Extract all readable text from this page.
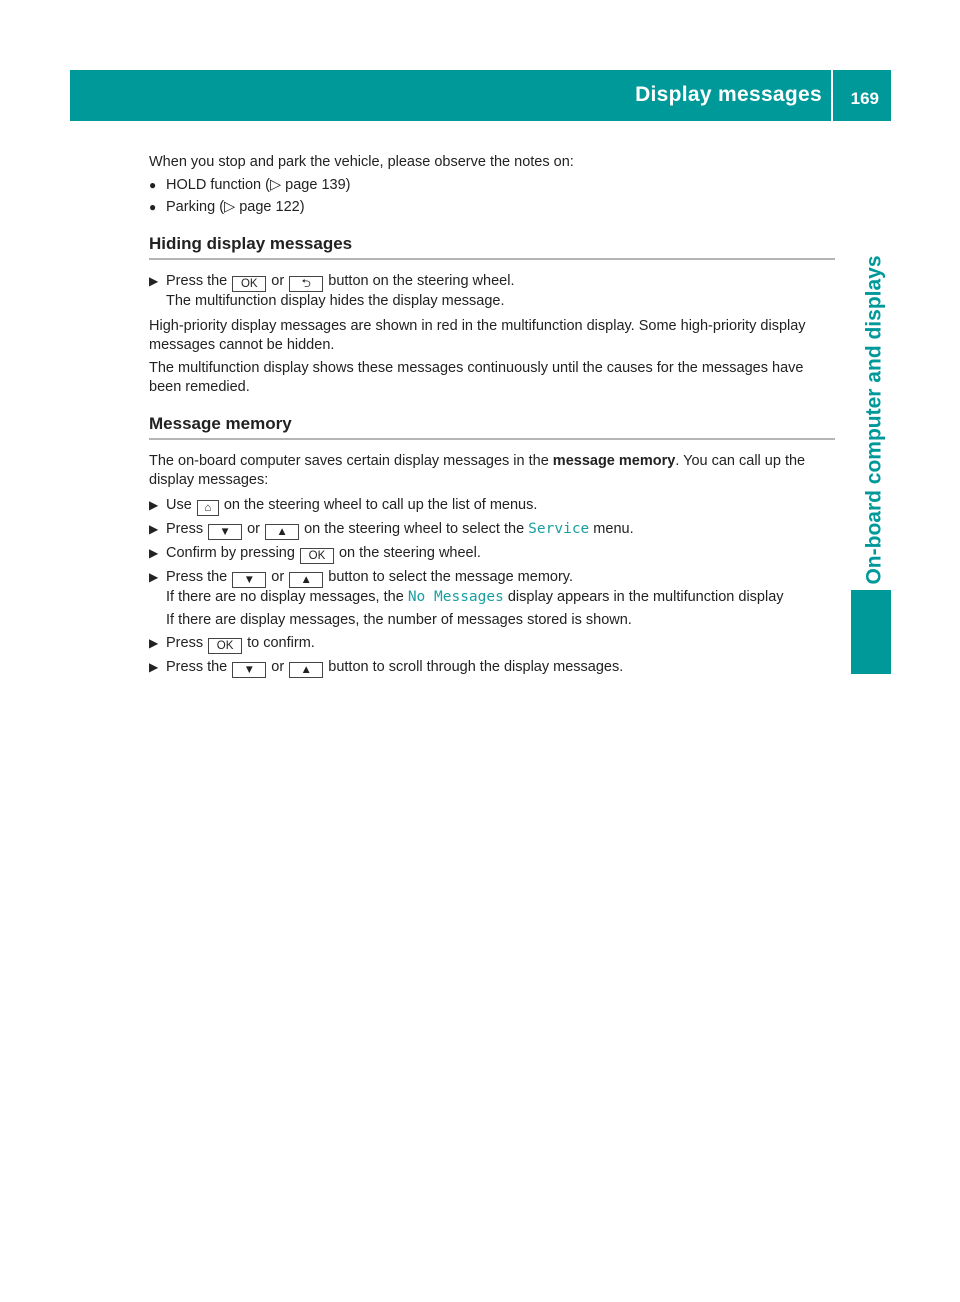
Display messages 169
On-board computer and displays

When you stop and park the vehicle, please observe the notes on:

● HOLD function (▷ page 139)
● Parking (▷ page 122)
Hiding display messages
▶ Press the OK or ⮌ button on the steering wheel.
The multifunction display hides the display message.

High-priority display messages are shown in red in the multifunction display. Some high-priority display messages cannot be hidden.

The multifunction display shows these messages continuously until the causes for the messages have been remedied.

Message memory

The on-board computer saves certain display messages in the message memory. You can call up the display messages:

▶ Use ⌂ on the steering wheel to call up the list of menus.
▶ Press ▼ or ▲ on the steering wheel to select the Service menu.
▶ Confirm by pressing OK on the steering wheel.
▶ Press the ▼ or ▲ button to select the message memory.
If there are no display messages, the No Messages display appears in the multifunction display

If there are display messages, the number of messages stored is shown.

▶ Press OK to confirm.
▶ Press the ▼ or ▲ button to scroll through the display messages.
